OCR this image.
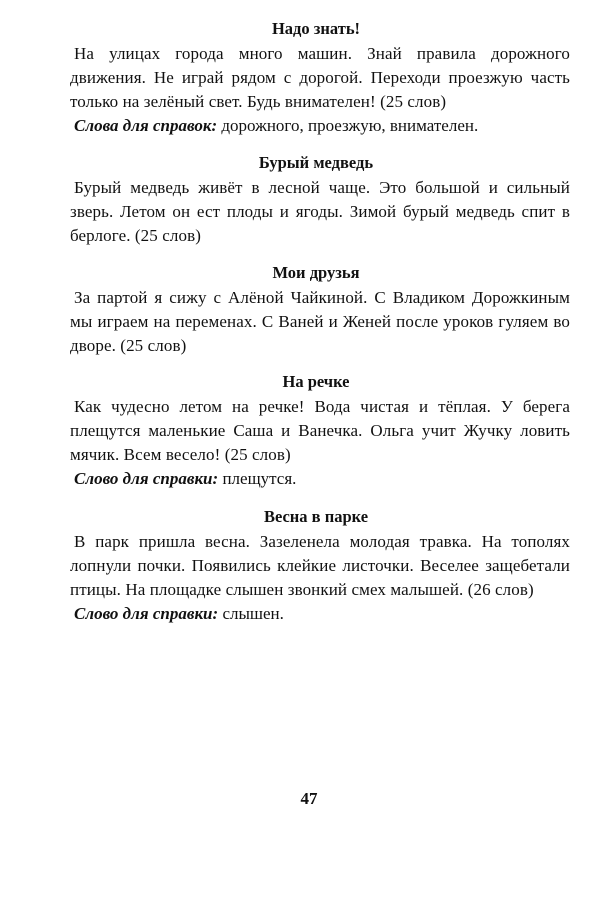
Надо знать!

На улицах города много машин. Знай правила дорожного движения. Не играй рядом с дорогой. Переходи проезжую часть только на зелёный свет. Будь внимателен! (25 слов)

Слова для справок: дорожного, проезжую, внимателен.

Бурый медведь

Бурый медведь живёт в лесной чаще. Это большой и сильный зверь. Летом он ест плоды и ягоды. Зимой бурый медведь спит в берлоге. (25 слов)

Мои друзья

За партой я сижу с Алёной Чайкиной. С Владиком Дорожкиным мы играем на переменах. С Ваней и Женей после уроков гуляем во дворе. (25 слов)

На речке

Как чудесно летом на речке! Вода чистая и тёплая. У берега плещутся маленькие Саша и Ванечка. Ольга учит Жучку ловить мячик. Всем весело! (25 слов)

Слово для справки: плещутся.

Весна в парке

В парк пришла весна. Зазеленела молодая травка. На тополях лопнули почки. Появились клейкие листочки. Веселее защебетали птицы. На площадке слышен звонкий смех малышей. (26 слов)

Слово для справки: слышен.

47
